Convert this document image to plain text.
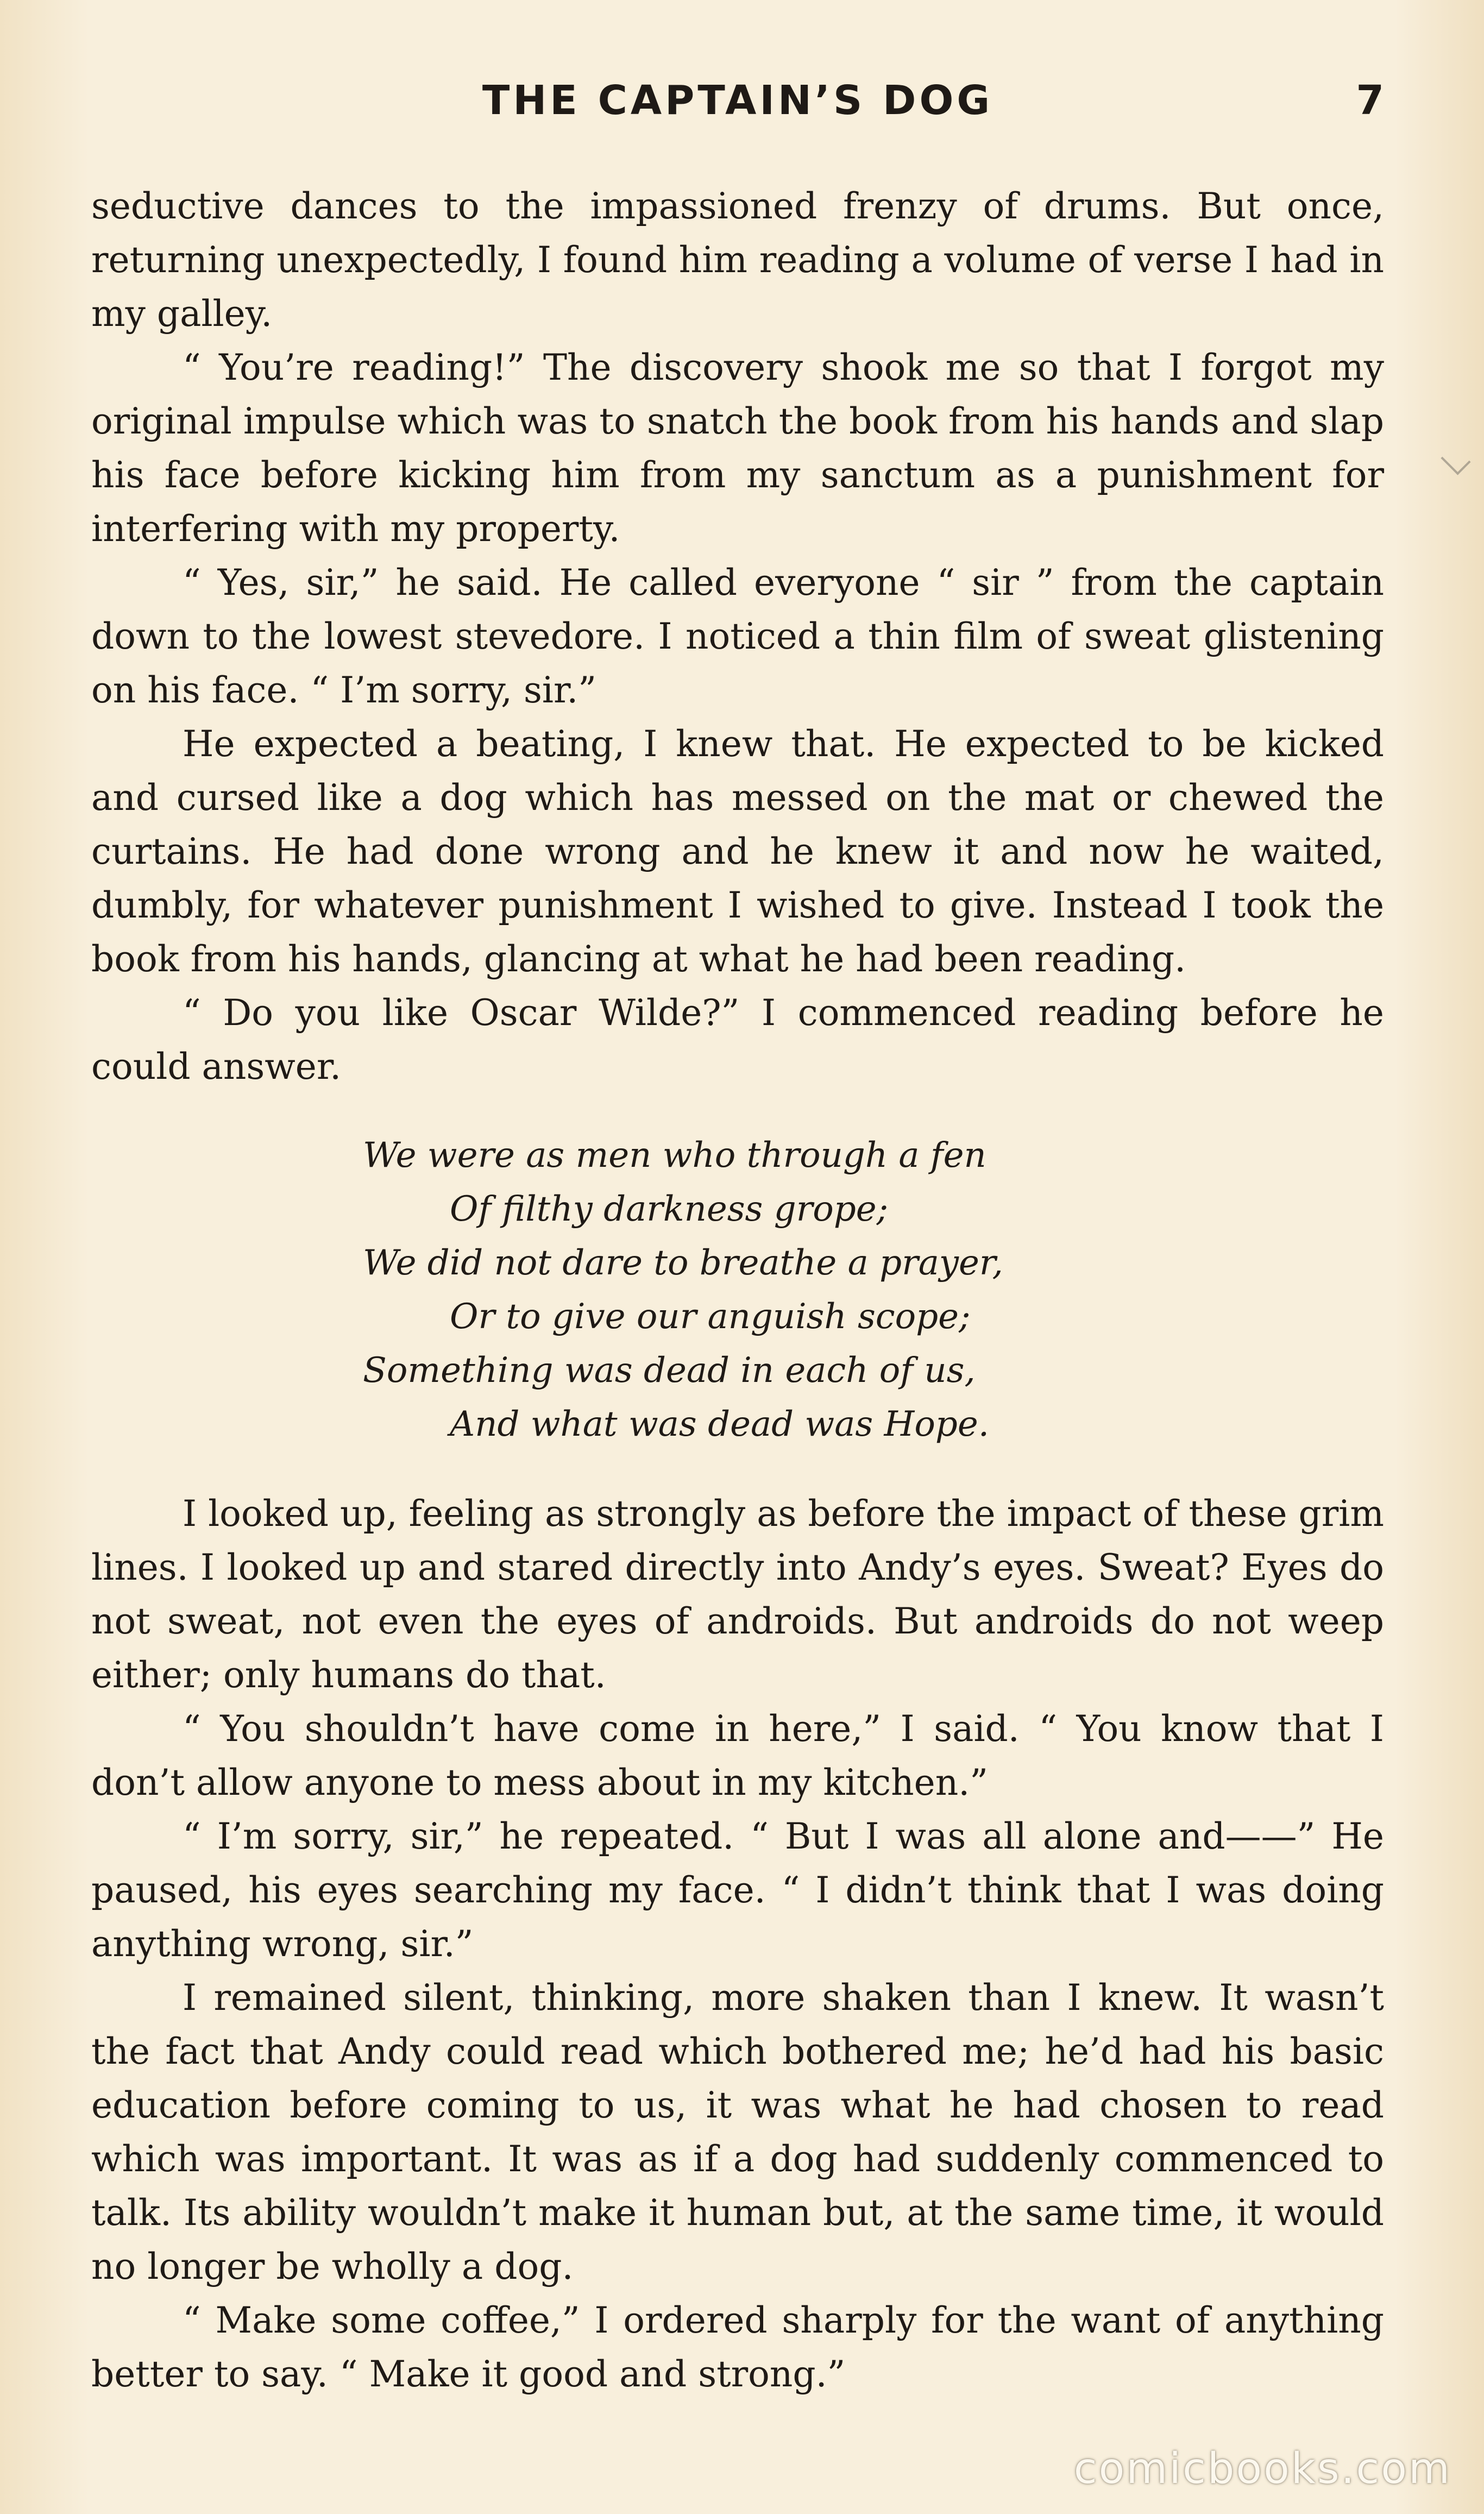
THE CAPTAIN’S DOG	7

seductive dances to the impassioned frenzy of drums. But once, returning unexpectedly, I found him reading a volume of verse I had in my galley.

“ You’re reading!” The discovery shook me so that I forgot my original impulse which was to snatch the book from his hands and slap his face before kicking him from my sanctum as a punishment for interfering with my property.

“ Yes, sir,” he said. He called everyone “ sir ” from the captain down to the lowest stevedore. I noticed a thin film of sweat glistening on his face. “ I’m sorry, sir.”

He expected a beating, I knew that. He expected to be kicked and cursed like a dog which has messed on the mat or chewed the curtains. He had done wrong and he knew it and now he waited, dumbly, for whatever punishment I wished to give. Instead I took the book from his hands, glancing at what he had been reading.

“ Do you like Oscar Wilde?” I commenced reading before he could answer.

We were as men who through a fen
Of filthy darkness grope;
We did not dare to breathe a prayer,
Or to give our anguish scope;
Something was dead in each of us,
And what was dead was Hope.

I looked up, feeling as strongly as before the impact of these grim lines. I looked up and stared directly into Andy’s eyes. Sweat? Eyes do not sweat, not even the eyes of androids. But androids do not weep either; only humans do that.

“ You shouldn’t have come in here,” I said. “ You know that I don’t allow anyone to mess about in my kitchen.”

“ I’m sorry, sir,” he repeated. “ But I was all alone and——” He paused, his eyes searching my face. “ I didn’t think that I was doing anything wrong, sir.”

I remained silent, thinking, more shaken than I knew. It wasn’t the fact that Andy could read which bothered me; he’d had his basic education before coming to us, it was what he had chosen to read which was important. It was as if a dog had suddenly commenced to talk. Its ability wouldn’t make it human but, at the same time, it would no longer be wholly a dog.

“ Make some coffee,” I ordered sharply for the want of anything better to say. “ Make it good and strong.”

comicbooks.com
